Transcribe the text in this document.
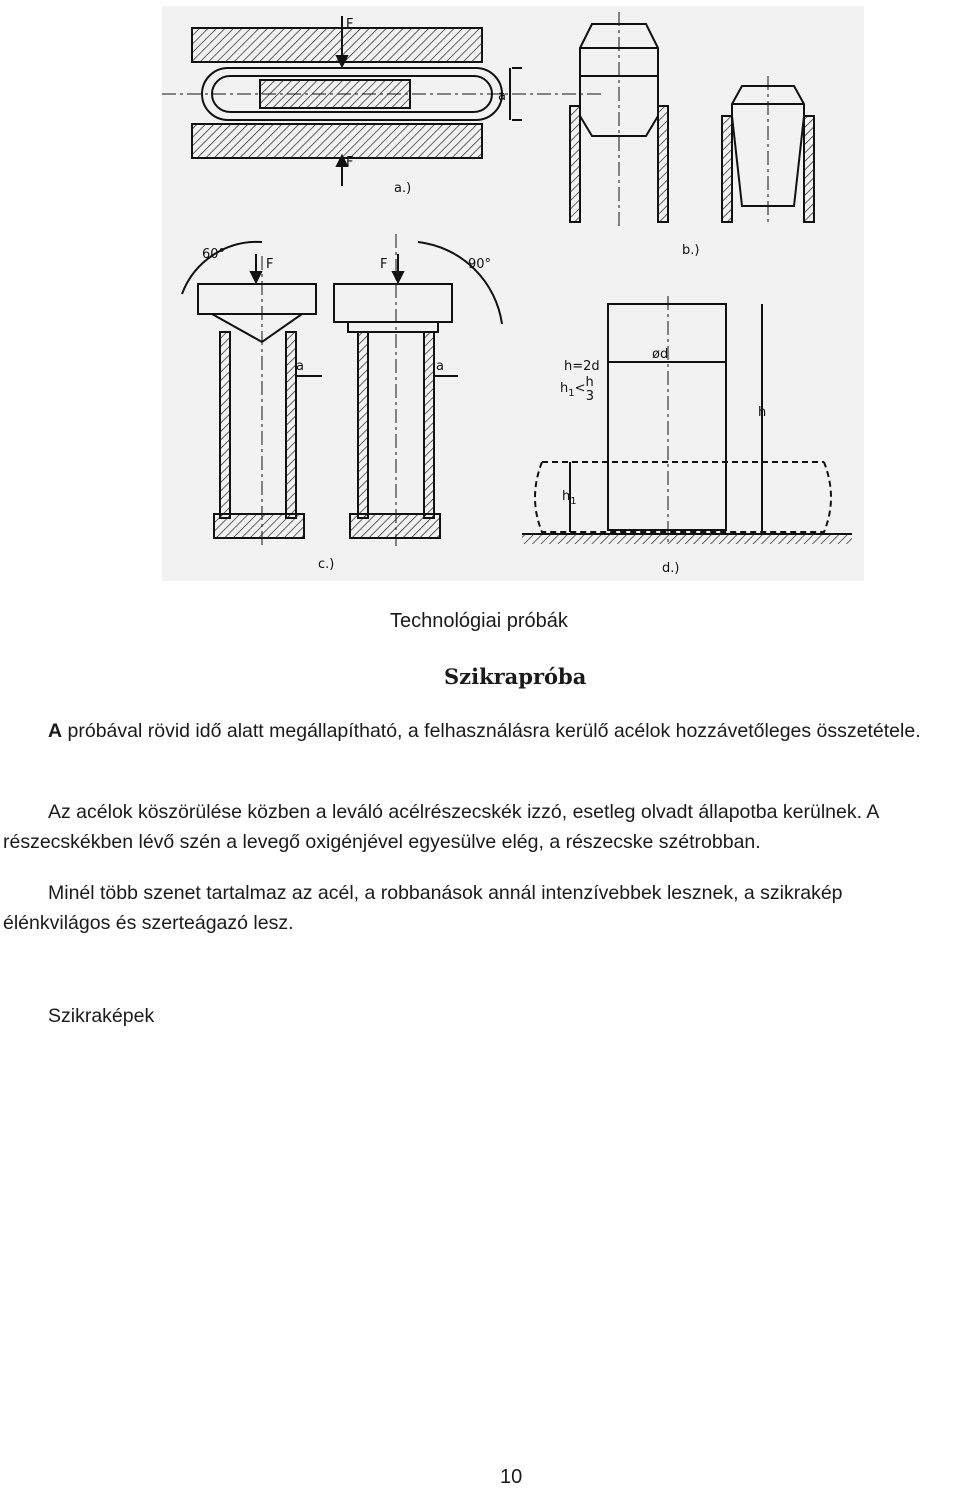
F
F
a
a.)
b.)
F	F
60°
90°
a	a
c.)
ød
h
$h_1$
h=2d
$h_1<h$ 3
d.)
Technológiai próbák
Szikrapróba

A próbával rövid idő alatt megállapítható, a felhasználásra kerülő acélok hozzávetőleges összetétele.

Az acélok köszörülése közben a leváló acélrészecskék izzó, esetleg olvadt állapotba kerülnek. A részecskékben lévő szén a levegő oxigénjével egyesülve elég, a részecske szétrobban.

Minél több szenet tartalmaz az acél, a robbanások annál intenzívebbek lesznek, a szikrakép élénkvilágos és szerteágazó lesz.

Szikraképek
10
